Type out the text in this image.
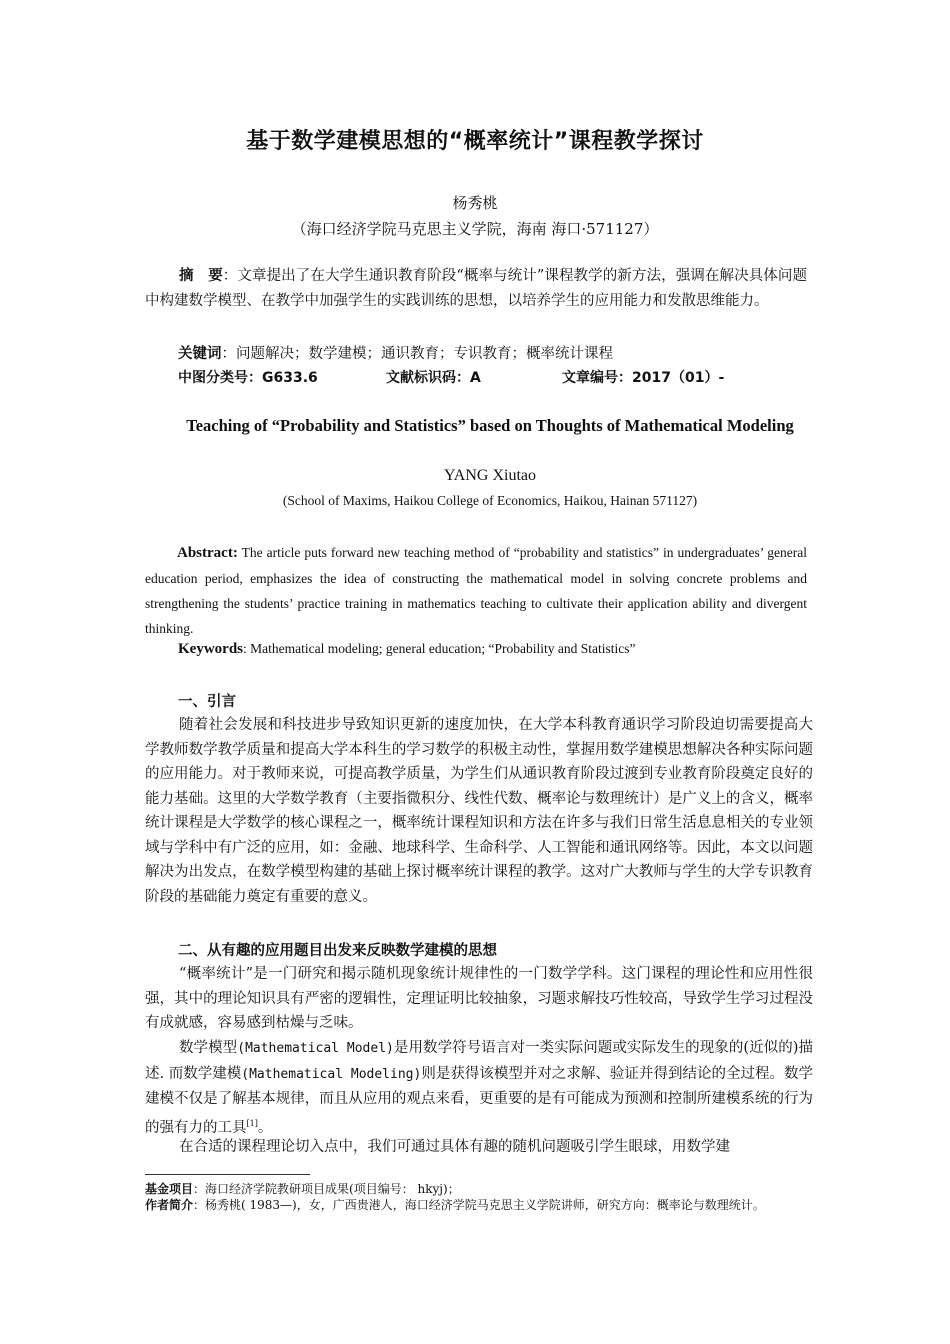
基于数学建模思想的“概率统计”课程教学探讨
杨秀桃
（海口经济学院马克思主义学院，海南 海口·571127）
摘　要：文章提出了在大学生通识教育阶段“概率与统计”课程教学的新方法，强调在解决具体问题中构建数学模型、在教学中加强学生的实践训练的思想，以培养学生的应用能力和发散思维能力。
关键词：问题解决；数学建模；通识教育；专识教育；概率统计课程
中图分类号：G633.6	文献标识码：A	文章编号：2017（01）-
Teaching of “Probability and Statistics” based on Thoughts of Mathematical Modeling
YANG Xiutao
(School of Maxims, Haikou College of Economics, Haikou, Hainan 571127)
Abstract: The article puts forward new teaching method of “probability and statistics” in undergraduates’ general education period, emphasizes the idea of constructing the mathematical model in solving concrete problems and strengthening the students’ practice training in mathematics teaching to cultivate their application ability and divergent thinking.
Keywords: Mathematical modeling; general education; “Probability and Statistics”
一、引言
随着社会发展和科技进步导致知识更新的速度加快，在大学本科教育通识学习阶段迫切需要提高大学教师数学教学质量和提高大学本科生的学习数学的积极主动性，掌握用数学建模思想解决各种实际问题的应用能力。对于教师来说，可提高教学质量，为学生们从通识教育阶段过渡到专业教育阶段奠定良好的能力基础。这里的大学数学教育（主要指微积分、线性代数、概率论与数理统计）是广义上的含义，概率统计课程是大学数学的核心课程之一，概率统计课程知识和方法在许多与我们日常生活息息相关的专业领域与学科中有广泛的应用，如：金融、地球科学、生命科学、人工智能和通讯网络等。因此，本文以问题解决为出发点，在数学模型构建的基础上探讨概率统计课程的教学。这对广大教师与学生的大学专识教育阶段的基础能力奠定有重要的意义。
二、从有趣的应用题目出发来反映数学建模的思想
“概率统计”是一门研究和揭示随机现象统计规律性的一门数学学科。这门课程的理论性和应用性很强，其中的理论知识具有严密的逻辑性，定理证明比较抽象，习题求解技巧性较高，导致学生学习过程没有成就感，容易感到枯燥与乏味。
数学模型(Mathematical Model)是用数学符号语言对一类实际问题或实际发生的现象的(近似的)描述. 而数学建模(Mathematical Modeling)则是获得该模型并对之求解、验证并得到结论的全过程。数学建模不仅是了解基本规律，而且从应用的观点来看，更重要的是有可能成为预测和控制所建模系统的行为的强有力的工具[1]。
在合适的课程理论切入点中，我们可通过具体有趣的随机问题吸引学生眼球，用数学建
基金项目：海口经济学院教研项目成果(项目编号： hkyj)；
作者简介：杨秀桃( 1983—)，女，广西贵港人，海口经济学院马克思主义学院讲师，研究方向：概率论与数理统计。
